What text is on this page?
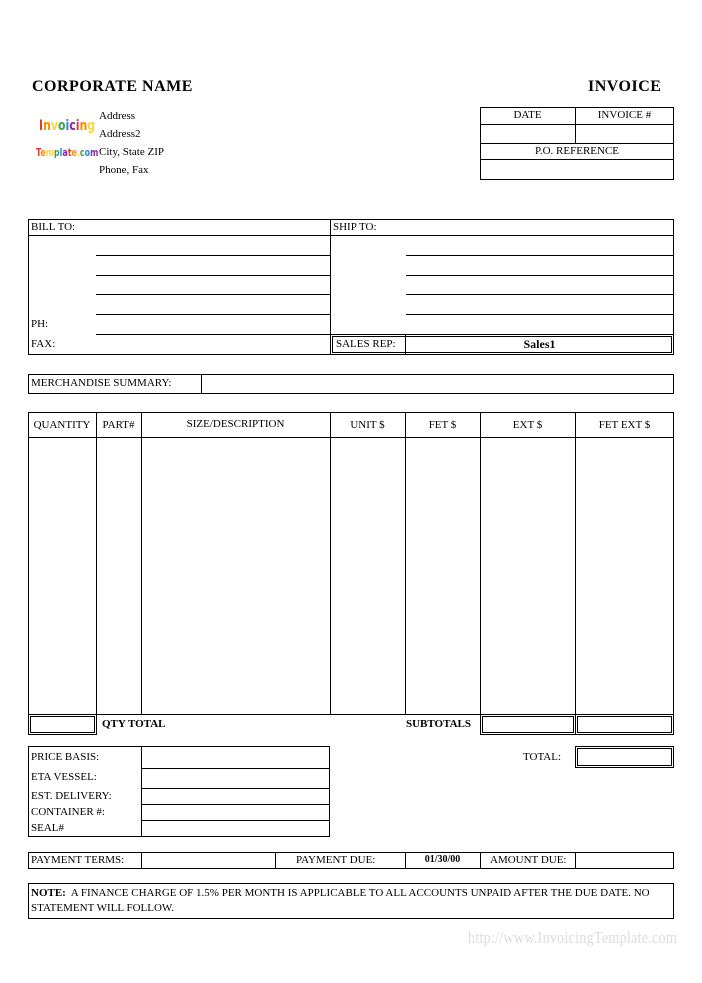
CORPORATE NAME	INVOICE
Invoicing
Template.com
Address
Address2
City, State ZIP
Phone, Fax
DATE	INVOICE #
P.O. REFERENCE
BILL TO:	SHIP TO:
PH:
FAX:	SALES REP:	Sales1
MERCHANDISE SUMMARY:
QUANTITY	PART#	SIZE/DESCRIPTION	UNIT $	FET $	EXT $	FET EXT $
QTY TOTAL	SUBTOTALS
PRICE BASIS:
ETA VESSEL:
EST. DELIVERY:
CONTAINER #:
SEAL#
TOTAL:
PAYMENT TERMS:	PAYMENT DUE:	01/30/00	AMOUNT DUE:
NOTE: A FINANCE CHARGE OF 1.5% PER MONTH IS APPLICABLE TO ALL ACCOUNTS UNPAID AFTER THE DUE DATE. NO STATEMENT WILL FOLLOW.
http://www.InvoicingTemplate.com
